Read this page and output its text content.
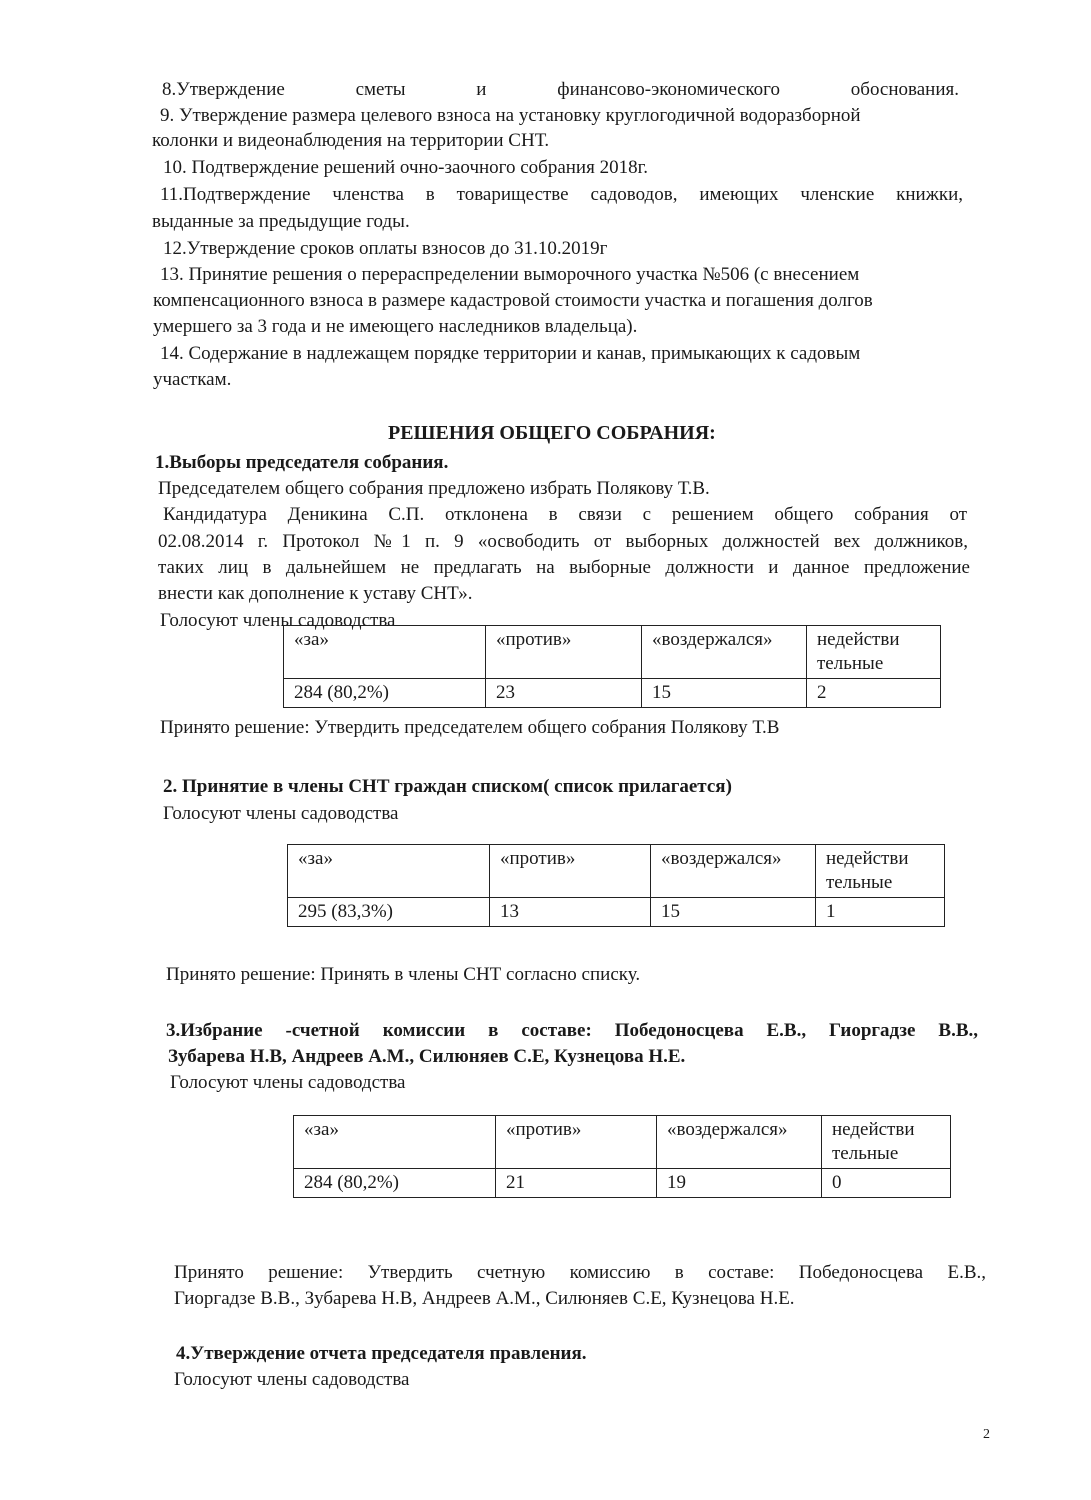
8.Утверждение сметы и финансово-экономического обоснования.
9. Утверждение размера целевого взноса на установку круглогодичной водоразборной
колонки и видеонаблюдения на территории СНТ.
10. Подтверждение решений очно-заочного собрания 2018г.
11.Подтверждение членства в товариществе садоводов, имеющих членские книжки,
выданные за предыдущие годы.
12.Утверждение сроков оплаты взносов до 31.10.2019г
13. Принятие решения о перераспределении выморочного участка №506 (с внесением
компенсационного взноса в размере кадастровой стоимости участка и погашения долгов
умершего за 3 года и не имеющего наследников владельца).
14. Содержание в надлежащем порядке территории и канав, примыкающих к садовым
участкам.
РЕШЕНИЯ ОБЩЕГО СОБРАНИЯ:
1.Выборы председателя собрания.
Председателем общего собрания предложено избрать Полякову Т.В.
Кандидатура Деникина С.П. отклонена в связи с решением общего собрания от
02.08.2014 г. Протокол №1 п. 9 «освободить от выборных должностей вех должников,
таких лиц в дальнейшем не предлагать на выборные должности и данное предложение
внести как дополнение к уставу СНТ».
Голосуют члены садоводства
«за»	«против»	«воздержался»	недействи
тельные
284 (80,2%)	23	15	2
Принято решение: Утвердить председателем общего собрания Полякову Т.В
2. Принятие в члены СНТ граждан списком( список прилагается)
Голосуют члены садоводства
«за»	«против»	«воздержался»	недействи
тельные
295 (83,3%)	13	15	1
Принято решение: Принять в члены СНТ согласно списку.
3.Избрание -счетной комиссии в составе: Победоносцева Е.В., Гиоргадзе В.В.,
Зубарева Н.В, Андреев А.М., Силюняев С.Е, Кузнецова Н.Е.
Голосуют члены садоводства
«за»	«против»	«воздержался»	недействи
тельные
284 (80,2%)	21	19	0
Принято решение: Утвердить счетную комиссию в составе: Победоносцева Е.В.,
Гиоргадзе В.В., Зубарева Н.В, Андреев А.М., Силюняев С.Е, Кузнецова Н.Е.
4.Утверждение отчета председателя правления.
Голосуют члены садоводства
2
